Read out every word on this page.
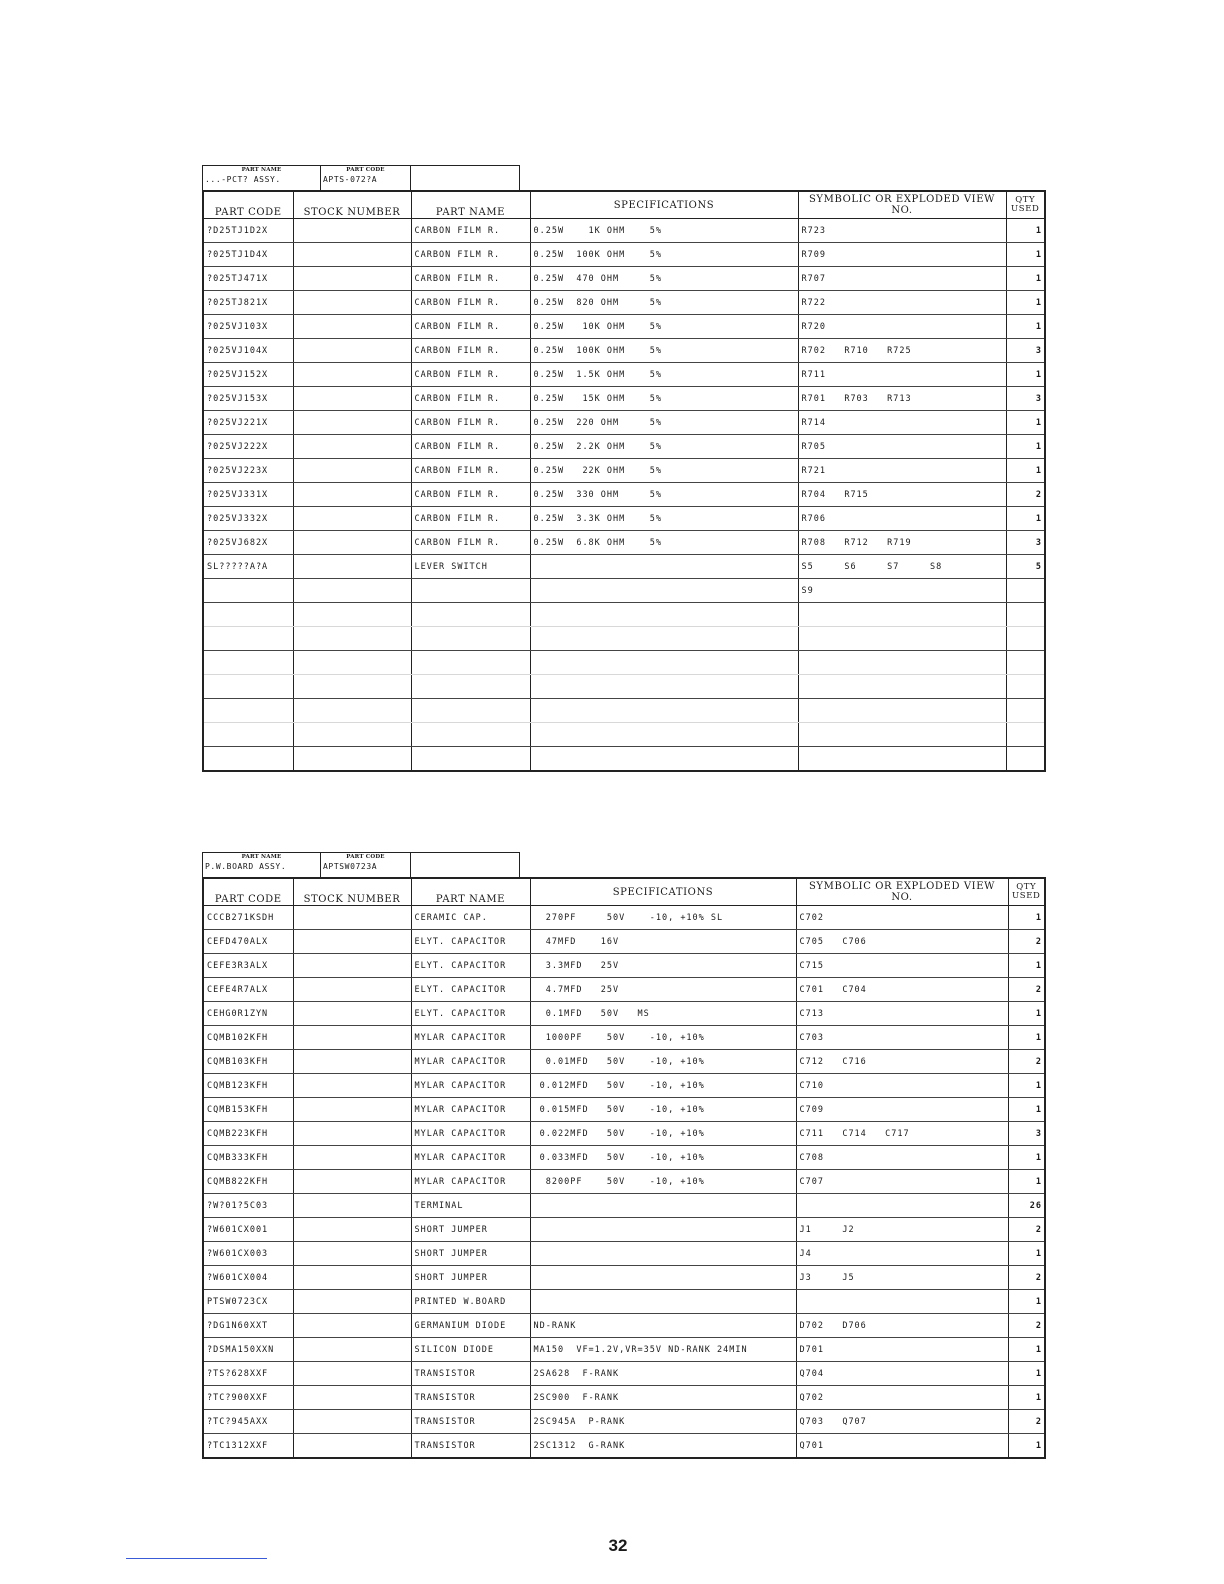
PART NAME
...-PCT? ASSY.
PART CODE
APTS-072?A
PART CODE	STOCK NUMBER	PART NAME	SPECIFICATIONS	SYMBOLIC OR EXPLODED VIEW NO.	QTY USED
?D25TJ1D2X		CARBON FILM R.	0.25W    1K OHM    5%	R723	1
?025TJ1D4X		CARBON FILM R.	0.25W  100K OHM    5%	R709	1
?025TJ471X		CARBON FILM R.	0.25W  470 OHM     5%	R707	1
?025TJ821X		CARBON FILM R.	0.25W  820 OHM     5%	R722	1
?025VJ103X		CARBON FILM R.	0.25W   10K OHM    5%	R720	1
?025VJ104X		CARBON FILM R.	0.25W  100K OHM    5%	R702   R710   R725	3
?025VJ152X		CARBON FILM R.	0.25W  1.5K OHM    5%	R711	1
?025VJ153X		CARBON FILM R.	0.25W   15K OHM    5%	R701   R703   R713	3
?025VJ221X		CARBON FILM R.	0.25W  220 OHM     5%	R714	1
?025VJ222X		CARBON FILM R.	0.25W  2.2K OHM    5%	R705	1
?025VJ223X		CARBON FILM R.	0.25W   22K OHM    5%	R721	1
?025VJ331X		CARBON FILM R.	0.25W  330 OHM     5%	R704   R715	2
?025VJ332X		CARBON FILM R.	0.25W  3.3K OHM    5%	R706	1
?025VJ682X		CARBON FILM R.	0.25W  6.8K OHM    5%	R708   R712   R719	3
SL?????A?A		LEVER SWITCH		S5     S6     S7     S8	5
				S9	

PART NAME
P.W.BOARD ASSY.
PART CODE
APTSW0723A
PART CODE	STOCK NUMBER	PART NAME	SPECIFICATIONS	SYMBOLIC OR EXPLODED VIEW NO.	QTY USED
CCCB271KSDH		CERAMIC CAP.	270PF     50V    -10, +10% SL	C702	1
CEFD470ALX		ELYT. CAPACITOR	47MFD    16V	C705   C706	2
CEFE3R3ALX		ELYT. CAPACITOR	3.3MFD   25V	C715	1
CEFE4R7ALX		ELYT. CAPACITOR	4.7MFD   25V	C701   C704	2
CEHG0R1ZYN		ELYT. CAPACITOR	0.1MFD   50V   MS	C713	1
CQMB102KFH		MYLAR CAPACITOR	1000PF    50V    -10, +10%	C703	1
CQMB103KFH		MYLAR CAPACITOR	0.01MFD   50V    -10, +10%	C712   C716	2
CQMB123KFH		MYLAR CAPACITOR	0.012MFD   50V    -10, +10%	C710	1
CQMB153KFH		MYLAR CAPACITOR	0.015MFD   50V    -10, +10%	C709	1
CQMB223KFH		MYLAR CAPACITOR	0.022MFD   50V    -10, +10%	C711   C714   C717	3
CQMB333KFH		MYLAR CAPACITOR	0.033MFD   50V    -10, +10%	C708	1
CQMB822KFH		MYLAR CAPACITOR	8200PF    50V    -10, +10%	C707	1
?W?01?5C03		TERMINAL			26
?W601CX001		SHORT JUMPER		J1     J2	2
?W601CX003		SHORT JUMPER		J4	1
?W601CX004		SHORT JUMPER		J3     J5	2
PTSW0723CX		PRINTED W.BOARD			1
?DG1N60XXT		GERMANIUM DIODE	ND-RANK	D702   D706	2
?DSMA150XXN		SILICON DIODE	MA150  VF=1.2V,VR=35V ND-RANK 24MIN	D701	1
?TS?628XXF		TRANSISTOR	2SA628  F-RANK	Q704	1
?TC?900XXF		TRANSISTOR	2SC900  F-RANK	Q702	1
?TC?945AXX		TRANSISTOR	2SC945A  P-RANK	Q703   Q707	2
?TC1312XXF		TRANSISTOR	2SC1312  G-RANK	Q701	1
32
